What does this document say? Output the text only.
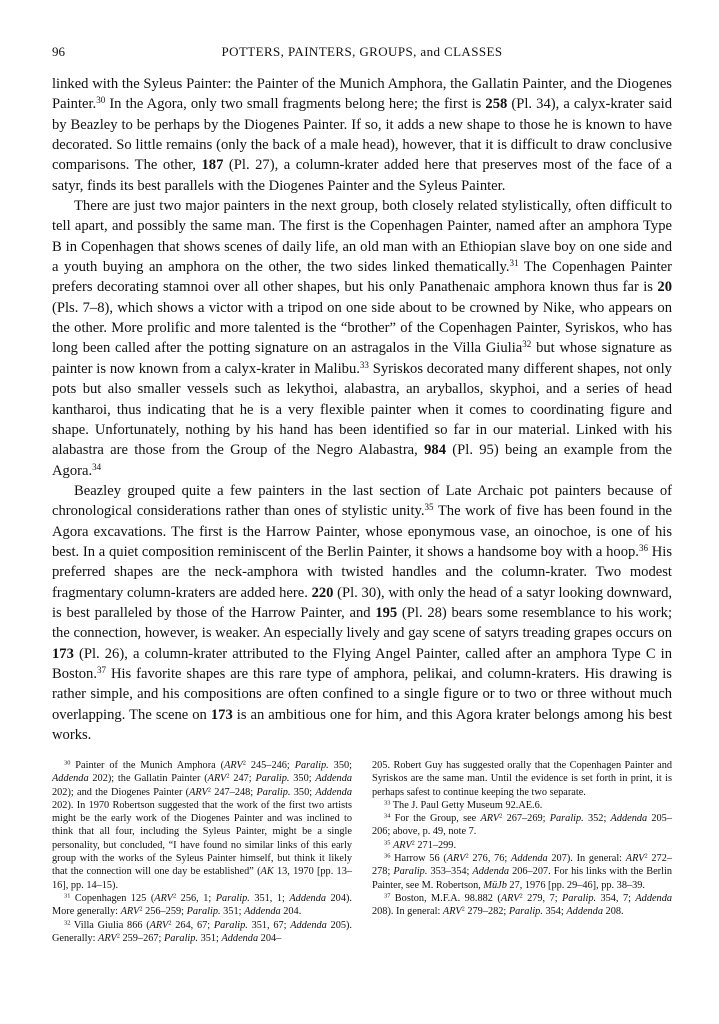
96	POTTERS, PAINTERS, GROUPS, and CLASSES

linked with the Syleus Painter: the Painter of the Munich Amphora, the Gallatin Painter, and the Diogenes Painter.$^{30}$ In the Agora, only two small fragments belong here; the first is 258 (Pl. 34), a calyx-krater said by Beazley to be perhaps by the Diogenes Painter. If so, it adds a new shape to those he is known to have decorated. So little remains (only the back of a male head), however, that it is difficult to draw conclusive comparisons. The other, 187 (Pl. 27), a column-krater added here that preserves most of the face of a satyr, finds its best parallels with the Diogenes Painter and the Syleus Painter.

There are just two major painters in the next group, both closely related stylistically, often difficult to tell apart, and possibly the same man. The first is the Copenhagen Painter, named after an amphora Type B in Copenhagen that shows scenes of daily life, an old man with an Ethiopian slave boy on one side and a youth buying an amphora on the other, the two sides linked thematically.$^{31}$ The Copenhagen Painter prefers decorating stamnoi over all other shapes, but his only Panathenaic amphora known thus far is 20 (Pls. 7–8), which shows a victor with a tripod on one side about to be crowned by Nike, who appears on the other. More prolific and more talented is the “brother” of the Copenhagen Painter, Syriskos, who has long been called after the potting signature on an astragalos in the Villa Giulia$^{32}$ but whose signature as painter is now known from a calyx-krater in Malibu.$^{33}$ Syriskos decorated many different shapes, not only pots but also smaller vessels such as lekythoi, alabastra, an aryballos, skyphoi, and a series of head kantharoi, thus indicating that he is a very flexible painter when it comes to coordinating figure and shape. Unfortunately, nothing by his hand has been identified so far in our material. Linked with his alabastra are those from the Group of the Negro Alabastra, 984 (Pl. 95) being an example from the Agora.$^{34}$

Beazley grouped quite a few painters in the last section of Late Archaic pot painters because of chronological considerations rather than ones of stylistic unity.$^{35}$ The work of five has been found in the Agora excavations. The first is the Harrow Painter, whose eponymous vase, an oinochoe, is one of his best. In a quiet composition reminiscent of the Berlin Painter, it shows a handsome boy with a hoop.$^{36}$ His preferred shapes are the neck-amphora with twisted handles and the column-krater. Two modest fragmentary column-kraters are added here. 220 (Pl. 30), with only the head of a satyr looking downward, is best paralleled by those of the Harrow Painter, and 195 (Pl. 28) bears some resemblance to his work; the connection, however, is weaker. An especially lively and gay scene of satyrs treading grapes occurs on 173 (Pl. 26), a column-krater attributed to the Flying Angel Painter, called after an amphora Type C in Boston.$^{37}$ His favorite shapes are this rare type of amphora, pelikai, and column-kraters. His drawing is rather simple, and his compositions are often confined to a single figure or to two or three without much overlapping. The scene on 173 is an ambitious one for him, and this Agora krater belongs among his best works.

$^{30}$ Painter of the Munich Amphora (ARV$^2$ 245–246; Paralip. 350; Addenda 202); the Gallatin Painter (ARV$^2$ 247; Paralip. 350; Addenda 202); and the Diogenes Painter (ARV$^2$ 247–248; Paralip. 350; Addenda 202). In 1970 Robertson suggested that the work of the first two artists might be the early work of the Diogenes Painter and was inclined to think that all four, including the Syleus Painter, might be a single personality, but concluded, “I have found no similar links of this early group with the works of the Syleus Painter himself, but think it likely that the connection will one day be established” (AK 13, 1970 [pp. 13–16], pp. 14–15).

$^{31}$ Copenhagen 125 (ARV$^2$ 256, 1; Paralip. 351, 1; Addenda 204). More generally: ARV$^2$ 256–259; Paralip. 351; Addenda 204.

$^{32}$ Villa Giulia 866 (ARV$^2$ 264, 67; Paralip. 351, 67; Addenda 205). Generally: ARV$^2$ 259–267; Paralip. 351; Addenda 204–

205. Robert Guy has suggested orally that the Copenhagen Painter and Syriskos are the same man. Until the evidence is set forth in print, it is perhaps safest to continue keeping the two separate.

$^{33}$ The J. Paul Getty Museum 92.AE.6.

$^{34}$ For the Group, see ARV$^2$ 267–269; Paralip. 352; Addenda 205–206; above, p. 49, note 7.

$^{35}$ ARV$^2$ 271–299.

$^{36}$ Harrow 56 (ARV$^2$ 276, 76; Addenda 207). In general: ARV$^2$ 272–278; Paralip. 353–354; Addenda 206–207. For his links with the Berlin Painter, see M. Robertson, MüJb 27, 1976 [pp. 29–46], pp. 38–39.

$^{37}$ Boston, M.F.A. 98.882 (ARV$^2$ 279, 7; Paralip. 354, 7; Addenda 208). In general: ARV$^2$ 279–282; Paralip. 354; Addenda 208.
